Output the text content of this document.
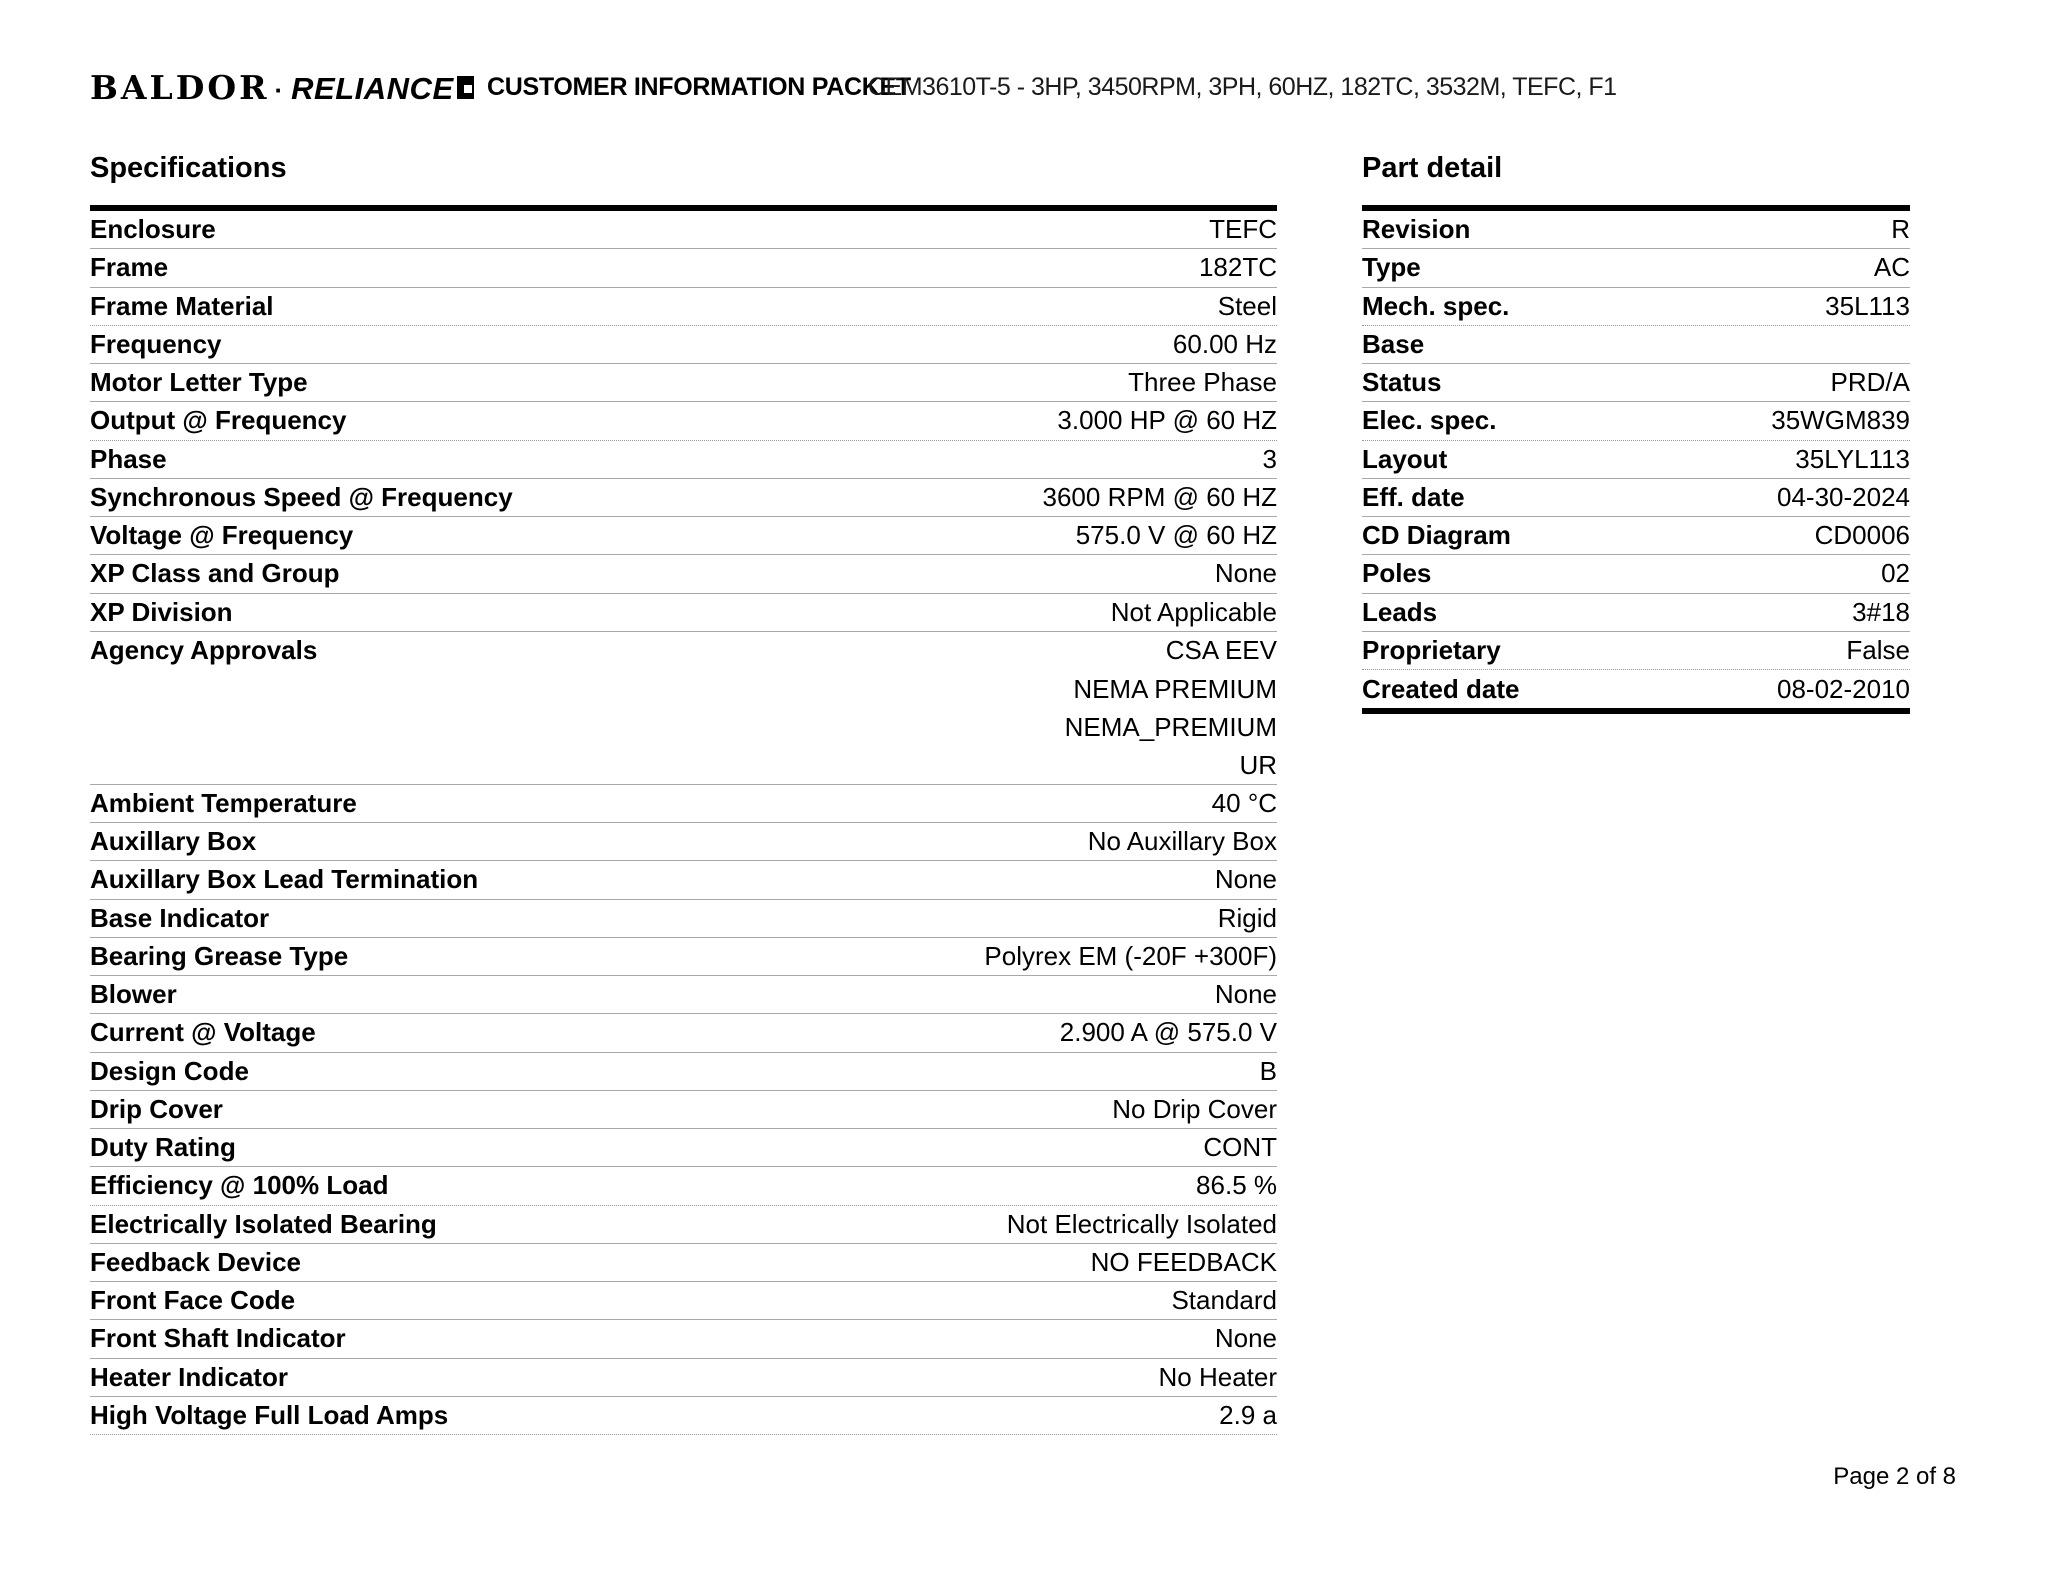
BALDOR · RELIANCE CUSTOMER INFORMATION PACKET
CEM3610T-5 - 3HP, 3450RPM, 3PH, 60HZ, 182TC, 3532M, TEFC, F1
Specifications
Enclosure	TEFC
Frame	182TC
Frame Material	Steel
Frequency	60.00 Hz
Motor Letter Type	Three Phase
Output @ Frequency	3.000 HP @ 60 HZ
Phase	3
Synchronous Speed @ Frequency	3600 RPM @ 60 HZ
Voltage @ Frequency	575.0 V @ 60 HZ
XP Class and Group	None
XP Division	Not Applicable
Agency Approvals	CSA EEV
NEMA PREMIUM
NEMA_PREMIUM
UR
Ambient Temperature	40 °C
Auxillary Box	No Auxillary Box
Auxillary Box Lead Termination	None
Base Indicator	Rigid
Bearing Grease Type	Polyrex EM (-20F +300F)
Blower	None
Current @ Voltage	2.900 A @ 575.0 V
Design Code	B
Drip Cover	No Drip Cover
Duty Rating	CONT
Efficiency @ 100% Load	86.5 %
Electrically Isolated Bearing	Not Electrically Isolated
Feedback Device	NO FEEDBACK
Front Face Code	Standard
Front Shaft Indicator	None
Heater Indicator	No Heater
High Voltage Full Load Amps	2.9 a
Part detail
Revision	R
Type	AC
Mech. spec.	35L113
Base
Status	PRD/A
Elec. spec.	35WGM839
Layout	35LYL113
Eff. date	04-30-2024
CD Diagram	CD0006
Poles	02
Leads	3#18
Proprietary	False
Created date	08-02-2010
Page 2 of 8
